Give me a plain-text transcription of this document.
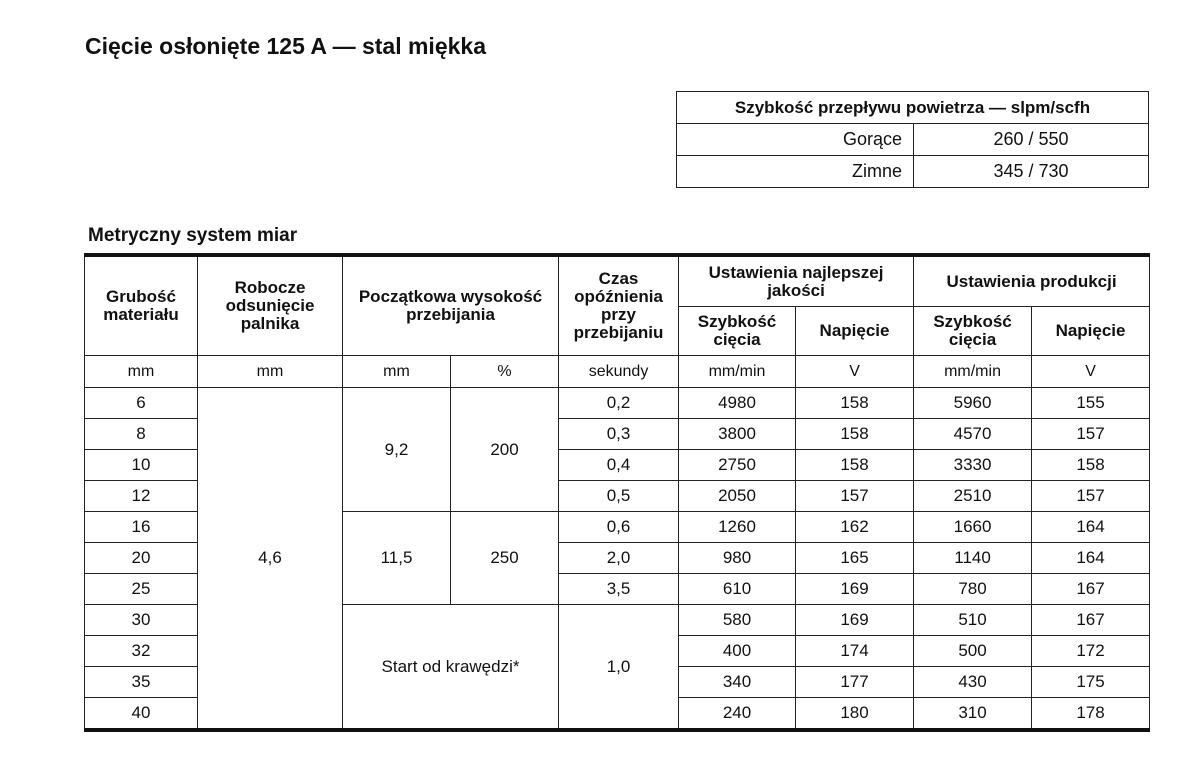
Cięcie osłonięte 125 A — stal miękka
Szybkość przepływu powietrza — slpm/scfh	
Gorące	260 / 550
Zimne	345 / 730
Metryczny system miar
Grubość materiału	Robocze odsunięcie palnika	Początkowa wysokość przebijania		Czas opóźnienia przy przebijaniu	Ustawienia najlepszej jakości		Ustawienia produkcji	
					Szybkość cięcia	Napięcie	Szybkość cięcia	Napięcie
mm	mm	mm	%	sekundy	mm/min	V	mm/min	V
6	4,6	9,2	200	0,2	4980	158	5960	155
8				0,3	3800	158	4570	157
10				0,4	2750	158	3330	158
12				0,5	2050	157	2510	157
16		11,5	250	0,6	1260	162	1660	164
20				2,0	980	165	1140	164
25				3,5	610	169	780	167
30		Start od krawędzi*		1,0	580	169	510	167
32					400	174	500	172
35					340	177	430	175
40					240	180	310	178
